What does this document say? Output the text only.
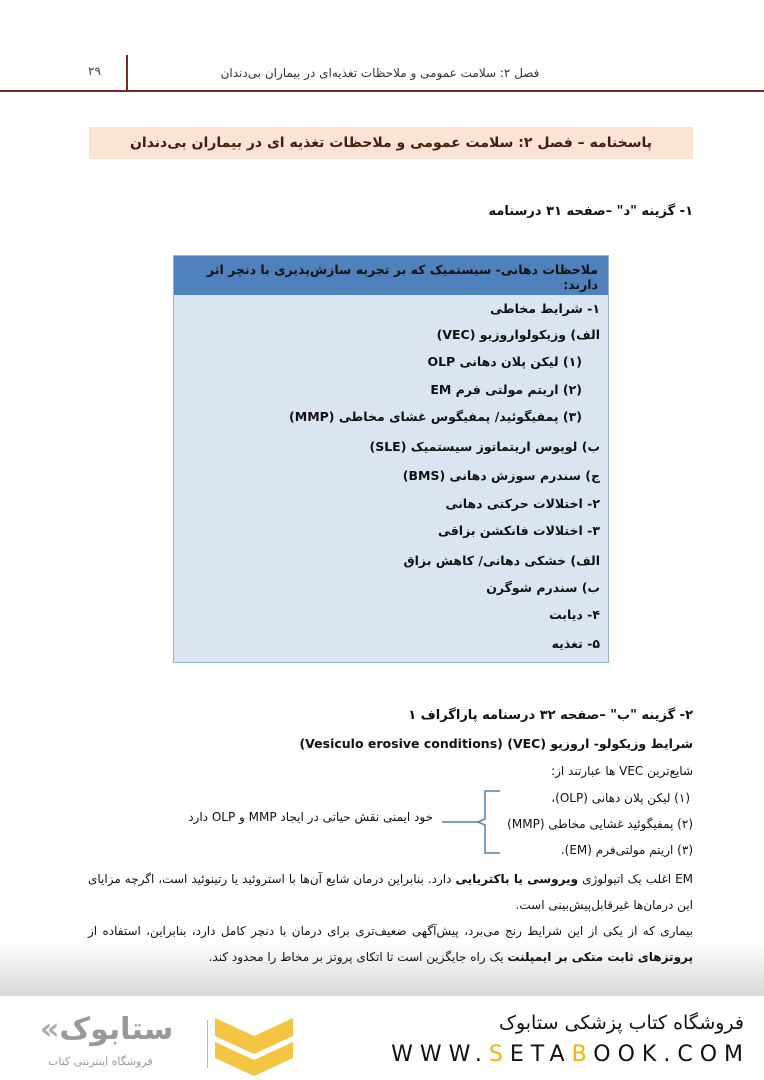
۲۹	فصل ۲: سلامت عمومی و ملاحظات تغذیه‌ای در بیماران بی‌دندان
پاسخنامه – فصل ۲: سلامت عمومی و ملاحظات تغذیه ای در بیماران بی‌دندان
۱- گزینه "د" –صفحه ۳۱ درسنامه
ملاحظات دهانی- سیستمیک که بر تجربه سازش‌پذیری با دنچر اثر دارند:
۱- شرایط مخاطی
الف) وزیکولواروزیو (VEC)
(۱) لیکن پلان دهانی OLP
(۲) اریتم مولتی فرم EM
(۳) پمفیگوئید/ پمفیگوس غشای مخاطی (MMP)
ب) لوپوس اریتماتوز سیستمیک (SLE)
ج) سندرم سوزش دهانی (BMS)
۲- اختلالات حرکتی دهانی
۳- اختلالات فانکشن بزاقی
الف) خشکی دهانی/ کاهش بزاق
ب) سندرم شوگرن
۴- دیابت
۵- تغذیه
۲- گزینه "ب" –صفحه ۳۲ درسنامه پاراگراف ۱
شرایط وزیکولو- اروزیو (VEC) (Vesiculo erosive conditions)
شایع‌ترین VEC ها عبارتند از:
(۱) لیکن پلان دهانی (OLP)،
(۲) پمفیگوئید غشایی مخاطی (MMP)
(۳) اریتم مولتی‌فرم (EM).
خود ایمنی نقش حیاتی در ایجاد MMP و OLP دارد
EM اغلب یک اتیولوژی ویروسی یا باکتریایی دارد. بنابراین درمان شایع آن‌ها با استروئید یا رتینوئید است، اگرچه مزایای این درمان‌ها غیرقابل‌پیش‌بینی است.
بیماری که از یکی از این شرایط رنج می‌برد، پیش‌آگهی ضعیف‌تری برای درمان با دنچر کامل دارد، بنابراین، استفاده از پروتزهای ثابت متکی بر ایمپلنت یک راه جایگزین است تا اتکای پروتز بر مخاط را محدود کند.
فروشگاه کتاب پزشکی ستابوک
WWW.SETABOOK.COM
«ستابوک
فروشگاه اینترنتی کتاب
